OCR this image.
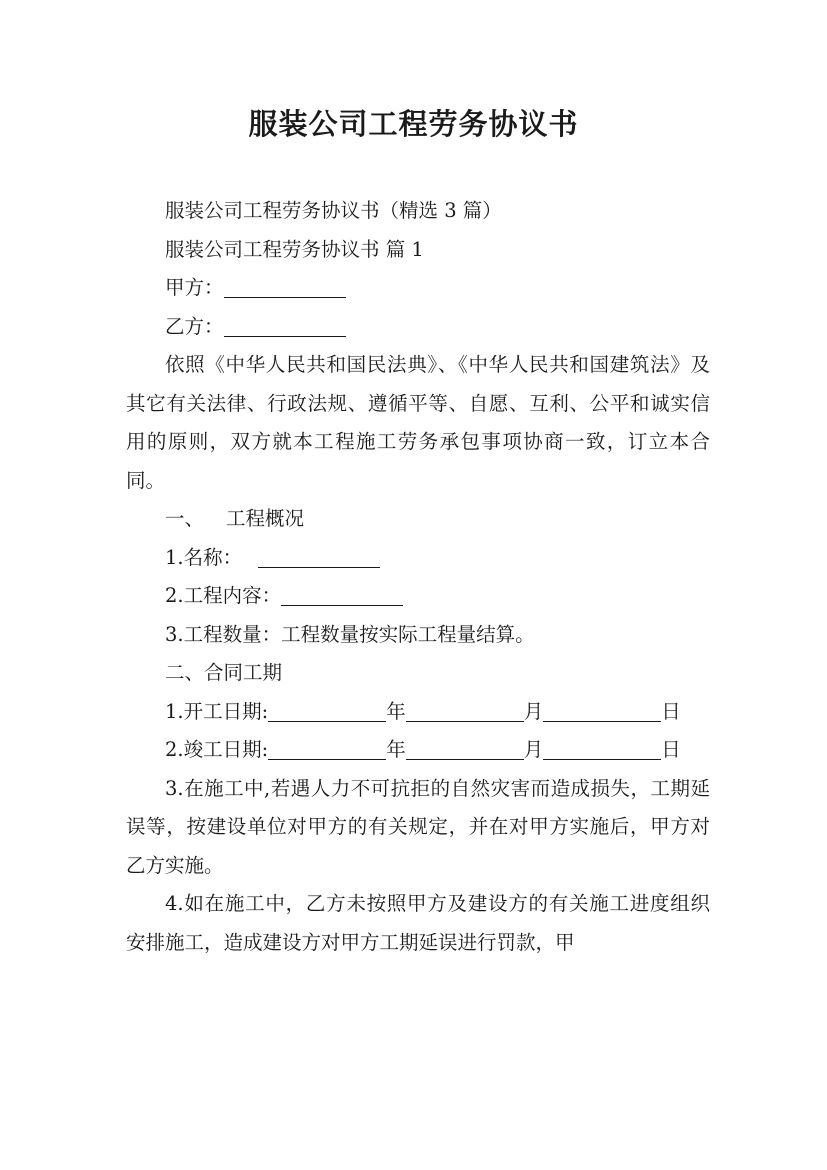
服装公司工程劳务协议书

服装公司工程劳务协议书（精选 3 篇）

服装公司工程劳务协议书 篇 1

甲方：

乙方：

依照《中华人民共和国民法典》、《中华人民共和国建筑法》及其它有关法律、行政法规、遵循平等、自愿、互利、公平和诚实信用的原则，双方就本工程施工劳务承包事项协商一致，订立本合同。

一、 工程概况

1.名称：

2.工程内容：

3.工程数量：工程数量按实际工程量结算。

二、合同工期

1.开工日期:	年	月	日

2.竣工日期:	年	月	日

3.在施工中,若遇人力不可抗拒的自然灾害而造成损失，工期延误等，按建设单位对甲方的有关规定，并在对甲方实施后，甲方对乙方实施。

4.如在施工中，乙方未按照甲方及建设方的有关施工进度组织安排施工，造成建设方对甲方工期延误进行罚款，甲
